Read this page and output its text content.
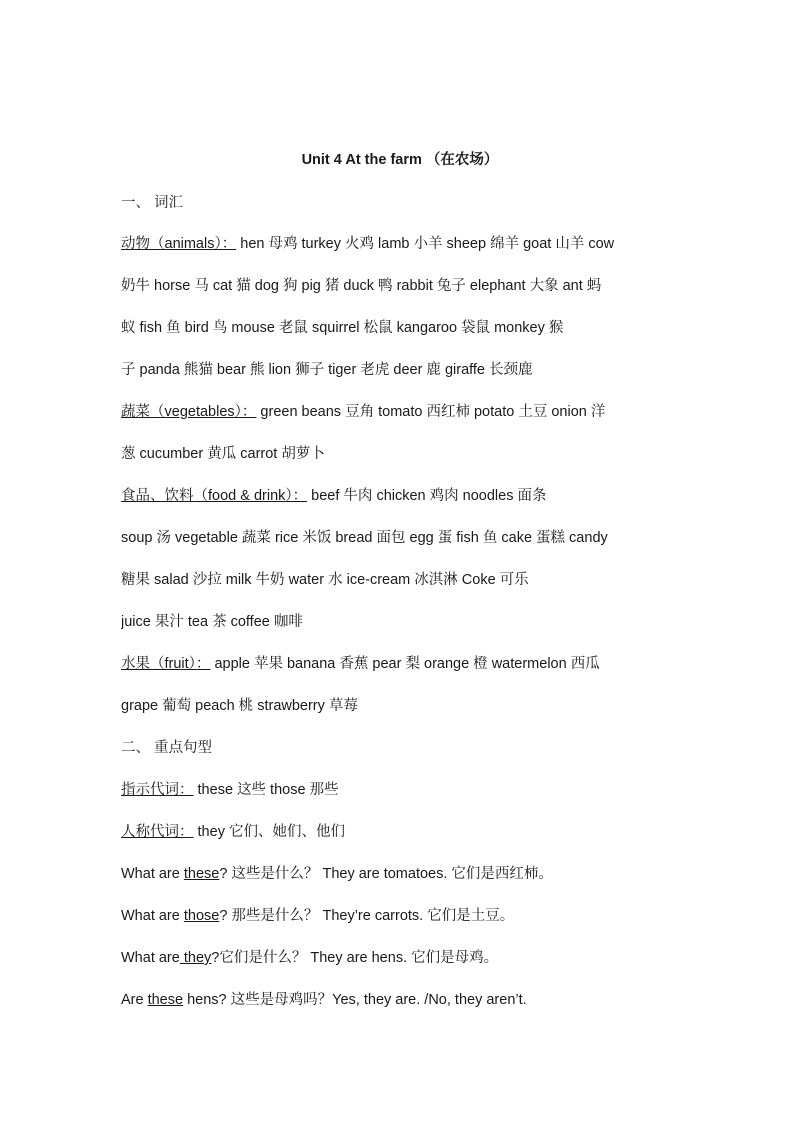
Unit 4 At the farm （在农场）
一、 词汇
动物（animals）： hen 母鸡 turkey 火鸡 lamb 小羊 sheep 绵羊 goat 山羊 cow
奶牛 horse 马 cat 猫 dog 狗 pig 猪 duck 鸭 rabbit 兔子 elephant 大象 ant 蚂
蚁 fish 鱼 bird 鸟 mouse 老鼠 squirrel 松鼠 kangaroo 袋鼠 monkey 猴
子 panda 熊猫 bear 熊 lion 狮子 tiger 老虎 deer 鹿 giraffe 长颈鹿
蔬菜（vegetables）： green beans 豆角 tomato 西红柿 potato 土豆 onion 洋
葱 cucumber 黄瓜 carrot 胡萝卜
食品、饮料（food & drink）： beef 牛肉 chicken 鸡肉 noodles 面条
soup 汤 vegetable 蔬菜 rice 米饭 bread 面包 egg 蛋 fish 鱼 cake 蛋糕 candy
糖果 salad 沙拉 milk 牛奶 water 水 ice-cream 冰淇淋 Coke 可乐
juice 果汁 tea 茶 coffee 咖啡
水果（fruit）： apple 苹果 banana 香蕉 pear 梨 orange 橙 watermelon 西瓜
grape 葡萄 peach 桃 strawberry 草莓
二、 重点句型
指示代词： these 这些 those 那些
人称代词： they 它们、她们、他们
What are these? 这些是什么？ They are tomatoes. 它们是西红柿。
What are those? 那些是什么？ They’re carrots. 它们是土豆。
What are they?它们是什么？ They are hens. 它们是母鸡。
Are these hens? 这些是母鸡吗？Yes, they are. /No, they aren’t.
